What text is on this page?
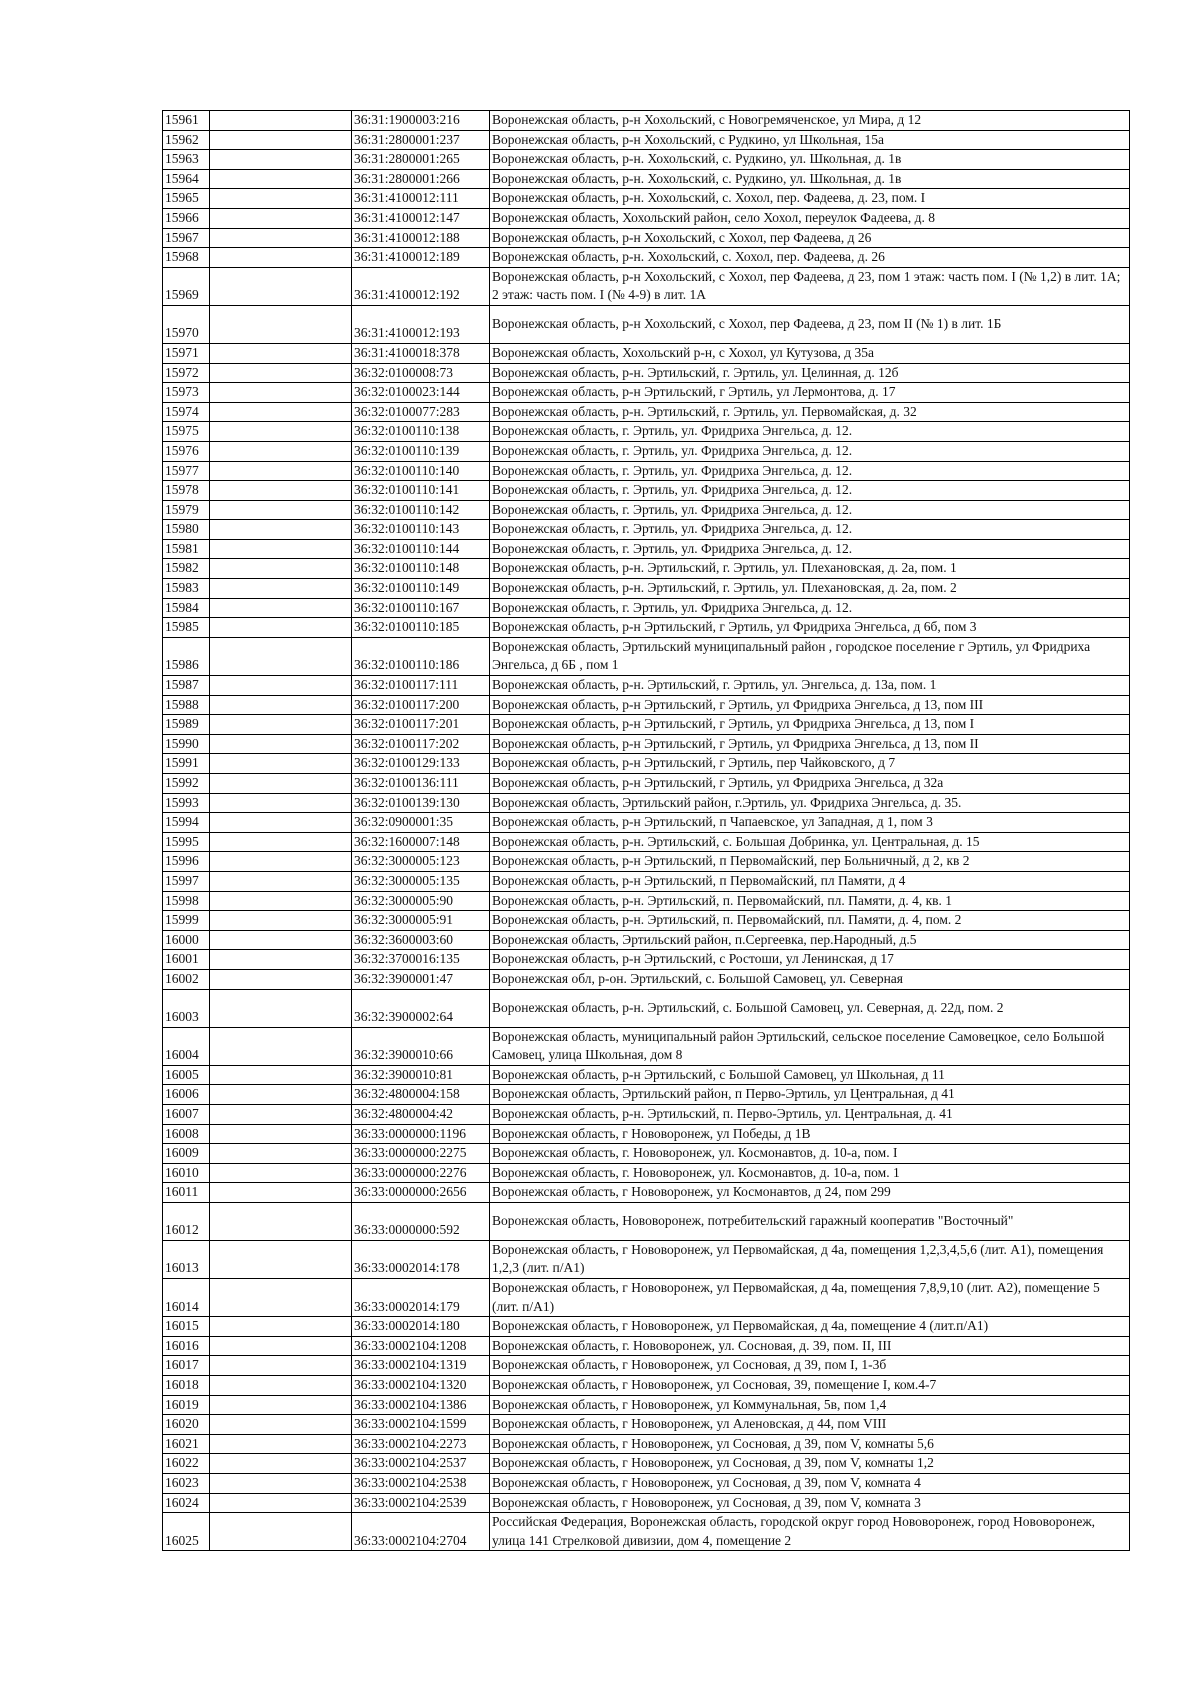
15961		36:31:1900003:216	Воронежская область, р-н Хохольский, с Новогремяченское, ул Мира, д 12
15962		36:31:2800001:237	Воронежская область, р-н Хохольский, с Рудкино, ул Школьная, 15а
15963		36:31:2800001:265	Воронежская область, р-н. Хохольский, с. Рудкино, ул. Школьная, д. 1в
15964		36:31:2800001:266	Воронежская область, р-н. Хохольский, с. Рудкино, ул. Школьная, д. 1в
15965		36:31:4100012:111	Воронежская область, р-н. Хохольский, с. Хохол, пер. Фадеева, д. 23, пом. I
15966		36:31:4100012:147	Воронежская область, Хохольский район, село Хохол, переулок Фадеева, д. 8
15967		36:31:4100012:188	Воронежская область, р-н Хохольский, с Хохол, пер Фадеева, д 26
15968		36:31:4100012:189	Воронежская область, р-н. Хохольский, с. Хохол, пер. Фадеева, д. 26
15969		36:31:4100012:192	Воронежская область, р-н Хохольский, с Хохол, пер Фадеева, д 23, пом 1 этаж: часть пом. I (№ 1,2) в лит. 1А; 2 этаж: часть пом. I (№ 4-9) в лит. 1А
15970		36:31:4100012:193	Воронежская область, р-н Хохольский, с Хохол, пер Фадеева, д 23, пом II (№ 1) в лит. 1Б
15971		36:31:4100018:378	Воронежская область, Хохольский р-н, с Хохол, ул Кутузова, д 35а
15972		36:32:0100008:73	Воронежская область, р-н. Эртильский, г. Эртиль, ул. Целинная, д. 12б
15973		36:32:0100023:144	Воронежская область, р-н Эртильский, г Эртиль, ул Лермонтова, д. 17
15974		36:32:0100077:283	Воронежская область, р-н. Эртильский, г. Эртиль, ул. Первомайская, д. 32
15975		36:32:0100110:138	Воронежская область, г. Эртиль, ул. Фридриха Энгельса, д. 12.
15976		36:32:0100110:139	Воронежская область, г. Эртиль, ул. Фридриха Энгельса, д. 12.
15977		36:32:0100110:140	Воронежская область, г. Эртиль, ул. Фридриха Энгельса, д. 12.
15978		36:32:0100110:141	Воронежская область, г. Эртиль, ул. Фридриха Энгельса, д. 12.
15979		36:32:0100110:142	Воронежская область, г. Эртиль, ул. Фридриха Энгельса, д. 12.
15980		36:32:0100110:143	Воронежская область, г. Эртиль, ул. Фридриха Энгельса, д. 12.
15981		36:32:0100110:144	Воронежская область, г. Эртиль, ул. Фридриха Энгельса, д. 12.
15982		36:32:0100110:148	Воронежская область, р-н. Эртильский, г. Эртиль, ул. Плехановская, д. 2а, пом. 1
15983		36:32:0100110:149	Воронежская область, р-н. Эртильский, г. Эртиль, ул. Плехановская, д. 2а, пом. 2
15984		36:32:0100110:167	Воронежская область, г. Эртиль, ул. Фридриха Энгельса, д. 12.
15985		36:32:0100110:185	Воронежская область, р-н Эртильский, г Эртиль, ул Фридриха Энгельса, д 6б, пом 3
15986		36:32:0100110:186	Воронежская область, Эртильский муниципальный район , городское поселение г Эртиль, ул Фридриха Энгельса, д 6Б , пом 1
15987		36:32:0100117:111	Воронежская область, р-н. Эртильский, г. Эртиль, ул. Энгельса, д. 13а, пом. 1
15988		36:32:0100117:200	Воронежская область, р-н Эртильский, г Эртиль, ул Фридриха Энгельса, д 13, пом III
15989		36:32:0100117:201	Воронежская область, р-н Эртильский, г Эртиль, ул Фридриха Энгельса, д 13, пом I
15990		36:32:0100117:202	Воронежская область, р-н Эртильский, г Эртиль, ул Фридриха Энгельса, д 13, пом II
15991		36:32:0100129:133	Воронежская область, р-н Эртильский, г Эртиль, пер Чайковского, д 7
15992		36:32:0100136:111	Воронежская область, р-н Эртильский, г Эртиль, ул Фридриха Энгельса, д 32а
15993		36:32:0100139:130	Воронежская область, Эртильский район, г.Эртиль, ул. Фридриха Энгельса, д. 35.
15994		36:32:0900001:35	Воронежская область, р-н Эртильский, п Чапаевское, ул Западная, д 1, пом 3
15995		36:32:1600007:148	Воронежская область, р-н. Эртильский, с. Большая Добринка, ул. Центральная, д. 15
15996		36:32:3000005:123	Воронежская область, р-н Эртильский, п Первомайский, пер Больничный, д 2, кв 2
15997		36:32:3000005:135	Воронежская область, р-н Эртильский, п Первомайский, пл Памяти, д 4
15998		36:32:3000005:90	Воронежская область, р-н. Эртильский, п. Первомайский, пл. Памяти, д. 4, кв. 1
15999		36:32:3000005:91	Воронежская область, р-н. Эртильский, п. Первомайский, пл. Памяти, д. 4, пом. 2
16000		36:32:3600003:60	Воронежская область, Эртильский район, п.Сергеевка, пер.Народный, д.5
16001		36:32:3700016:135	Воронежская область, р-н Эртильский, с Ростоши, ул Ленинская, д 17
16002		36:32:3900001:47	Воронежская обл, р-он. Эртильский, с. Большой Самовец, ул. Северная
16003		36:32:3900002:64	Воронежская область, р-н. Эртильский, с. Большой Самовец, ул. Северная, д. 22д, пом. 2
16004		36:32:3900010:66	Воронежская область, муниципальный район Эртильский, сельское поселение Самовецкое, село Большой Самовец, улица Школьная, дом 8
16005		36:32:3900010:81	Воронежская область, р-н Эртильский, с Большой Самовец, ул Школьная, д 11
16006		36:32:4800004:158	Воронежская область, Эртильский район, п Перво-Эртиль, ул Центральная, д 41
16007		36:32:4800004:42	Воронежская область, р-н. Эртильский, п. Перво-Эртиль, ул. Центральная, д. 41
16008		36:33:0000000:1196	Воронежская область, г Нововоронеж, ул Победы, д 1В
16009		36:33:0000000:2275	Воронежская область, г. Нововоронеж, ул. Космонавтов, д. 10-а, пом. I
16010		36:33:0000000:2276	Воронежская область, г. Нововоронеж, ул. Космонавтов, д. 10-а, пом. 1
16011		36:33:0000000:2656	Воронежская область, г Нововоронеж, ул Космонавтов, д 24, пом 299
16012		36:33:0000000:592	Воронежская область, Нововоронеж, потребительский гаражный кооператив "Восточный"
16013		36:33:0002014:178	Воронежская область, г Нововоронеж, ул Первомайская, д 4а, помещения 1,2,3,4,5,6 (лит. А1), помещения 1,2,3 (лит. п/А1)
16014		36:33:0002014:179	Воронежская область, г Нововоронеж, ул Первомайская, д 4а, помещения 7,8,9,10 (лит. А2), помещение 5 (лит. п/А1)
16015		36:33:0002014:180	Воронежская область, г Нововоронеж, ул Первомайская, д 4а, помещение 4 (лит.п/А1)
16016		36:33:0002104:1208	Воронежская область, г. Нововоронеж, ул. Сосновая, д. 39, пом. II, III
16017		36:33:0002104:1319	Воронежская область, г Нововоронеж, ул Сосновая, д 39, пом I, 1-3б
16018		36:33:0002104:1320	Воронежская область, г Нововоронеж, ул Сосновая, 39, помещение I, ком.4-7
16019		36:33:0002104:1386	Воронежская область, г Нововоронеж, ул Коммунальная, 5в, пом 1,4
16020		36:33:0002104:1599	Воронежская область, г Нововоронеж, ул Аленовская, д 44, пом VIII
16021		36:33:0002104:2273	Воронежская область, г Нововоронеж, ул Сосновая, д 39, пом V, комнаты 5,6
16022		36:33:0002104:2537	Воронежская область, г Нововоронеж, ул Сосновая, д 39, пом V, комнаты 1,2
16023		36:33:0002104:2538	Воронежская область, г Нововоронеж, ул Сосновая, д 39, пом V, комната 4
16024		36:33:0002104:2539	Воронежская область, г Нововоронеж, ул Сосновая, д 39, пом V, комната 3
16025		36:33:0002104:2704	Российская Федерация, Воронежская область, городской округ город Нововоронеж, город Нововоронеж, улица 141 Стрелковой дивизии, дом 4, помещение 2
